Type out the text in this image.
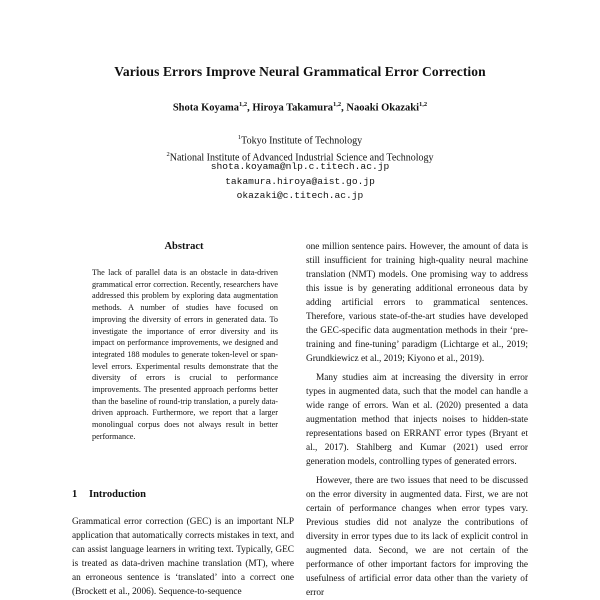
Various Errors Improve Neural Grammatical Error Correction
Shota Koyama$^{1,2}$, Hiroya Takamura$^{1,2}$, Naoaki Okazaki$^{1,2}$
$^1$Tokyo Institute of Technology
$^2$National Institute of Advanced Industrial Science and Technology
shota.koyama@nlp.c.titech.ac.jp
takamura.hiroya@aist.go.jp
okazaki@c.titech.ac.jp
Abstract
The lack of parallel data is an obstacle in data-driven grammatical error correction. Recently, researchers have addressed this problem by exploring data augmentation methods. A number of studies have focused on improving the diversity of errors in generated data. To investigate the importance of error diversity and its impact on performance improvements, we designed and integrated 188 modules to generate token-level or span-level errors. Experimental results demonstrate that the diversity of errors is crucial to performance improvements. The presented approach performs better than the baseline of round-trip translation, a purely data-driven approach. Furthermore, we report that a larger monolingual corpus does not always result in better performance.
1 Introduction

Grammatical error correction (GEC) is an important NLP application that automatically corrects mistakes in text, and can assist language learners in writing text. Typically, GEC is treated as data-driven machine translation (MT), where an erroneous sentence is ‘translated’ into a correct one (Brockett et al., 2006). Sequence-to-sequence

one million sentence pairs. However, the amount of data is still insufficient for training high-quality neural machine translation (NMT) models. One promising way to address this issue is by generating additional erroneous data by adding artificial errors to grammatical sentences. Therefore, various state-of-the-art studies have developed the GEC-specific data augmentation methods in their ‘pre-training and fine-tuning’ paradigm (Lichtarge et al., 2019; Grundkiewicz et al., 2019; Kiyono et al., 2019).

Many studies aim at increasing the diversity in error types in augmented data, such that the model can handle a wide range of errors. Wan et al. (2020) presented a data augmentation method that injects noises to hidden-state representations based on ERRANT error types (Bryant et al., 2017). Stahlberg and Kumar (2021) used error generation models, controlling types of generated errors.

However, there are two issues that need to be discussed on the error diversity in augmented data. First, we are not certain of performance changes when error types vary. Previous studies did not analyze the contributions of diversity in error types due to its lack of explicit control in augmented data. Second, we are not certain of the performance of other important factors for improving the usefulness of artificial error data other than the variety of error
